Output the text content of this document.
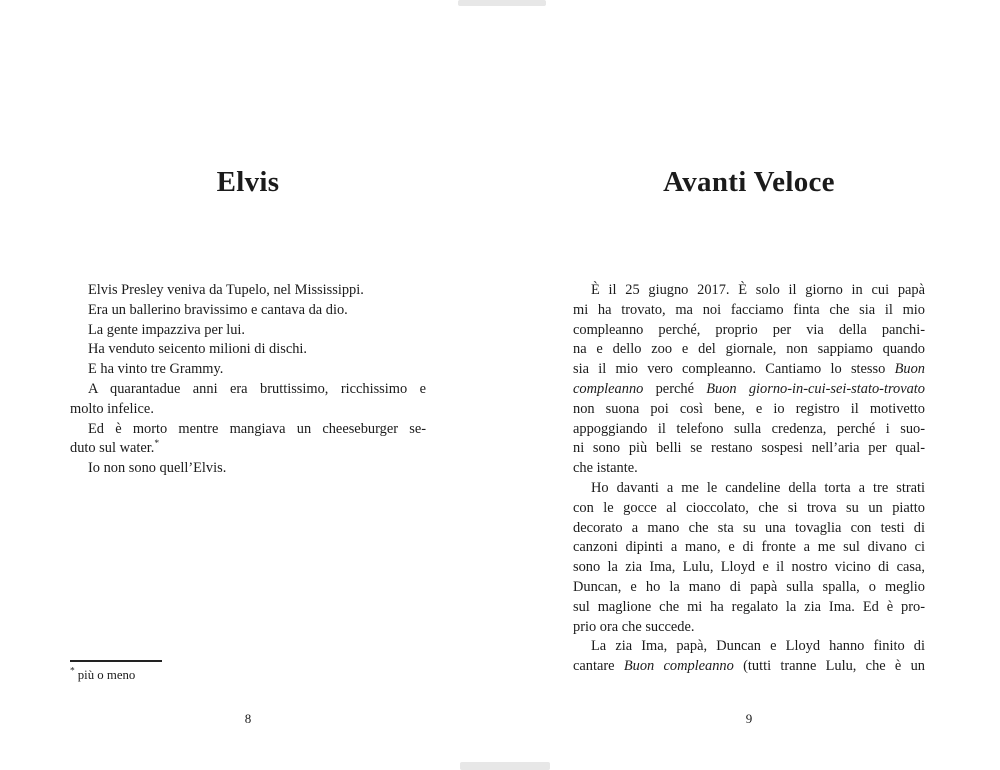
Elvis
Elvis Presley veniva da Tupelo, nel Mississippi.
Era un ballerino bravissimo e cantava da dio.
La gente impazziva per lui.
Ha venduto seicento milioni di dischi.
E ha vinto tre Grammy.
A quarantadue anni era bruttissimo, ricchissimo e
molto infelice.
Ed è morto mentre mangiava un cheeseburger se-
duto sul water.*
Io non sono quell’Elvis.
* più o meno
8
Avanti Veloce
È il 25 giugno 2017. È solo il giorno in cui papà
mi ha trovato, ma noi facciamo finta che sia il mio
compleanno perché, proprio per via della panchi-
na e dello zoo e del giornale, non sappiamo quando
sia il mio vero compleanno. Cantiamo lo stesso Buon
compleanno perché Buon giorno-in-cui-sei-stato-trovato
non suona poi così bene, e io registro il motivetto
appoggiando il telefono sulla credenza, perché i suo-
ni sono più belli se restano sospesi nell’aria per qual-
che istante.
Ho davanti a me le candeline della torta a tre strati
con le gocce al cioccolato, che si trova su un piatto
decorato a mano che sta su una tovaglia con testi di
canzoni dipinti a mano, e di fronte a me sul divano ci
sono la zia Ima, Lulu, Lloyd e il nostro vicino di casa,
Duncan, e ho la mano di papà sulla spalla, o meglio
sul maglione che mi ha regalato la zia Ima. Ed è pro-
prio ora che succede.
La zia Ima, papà, Duncan e Lloyd hanno finito di
cantare Buon compleanno (tutti tranne Lulu, che è un
9
